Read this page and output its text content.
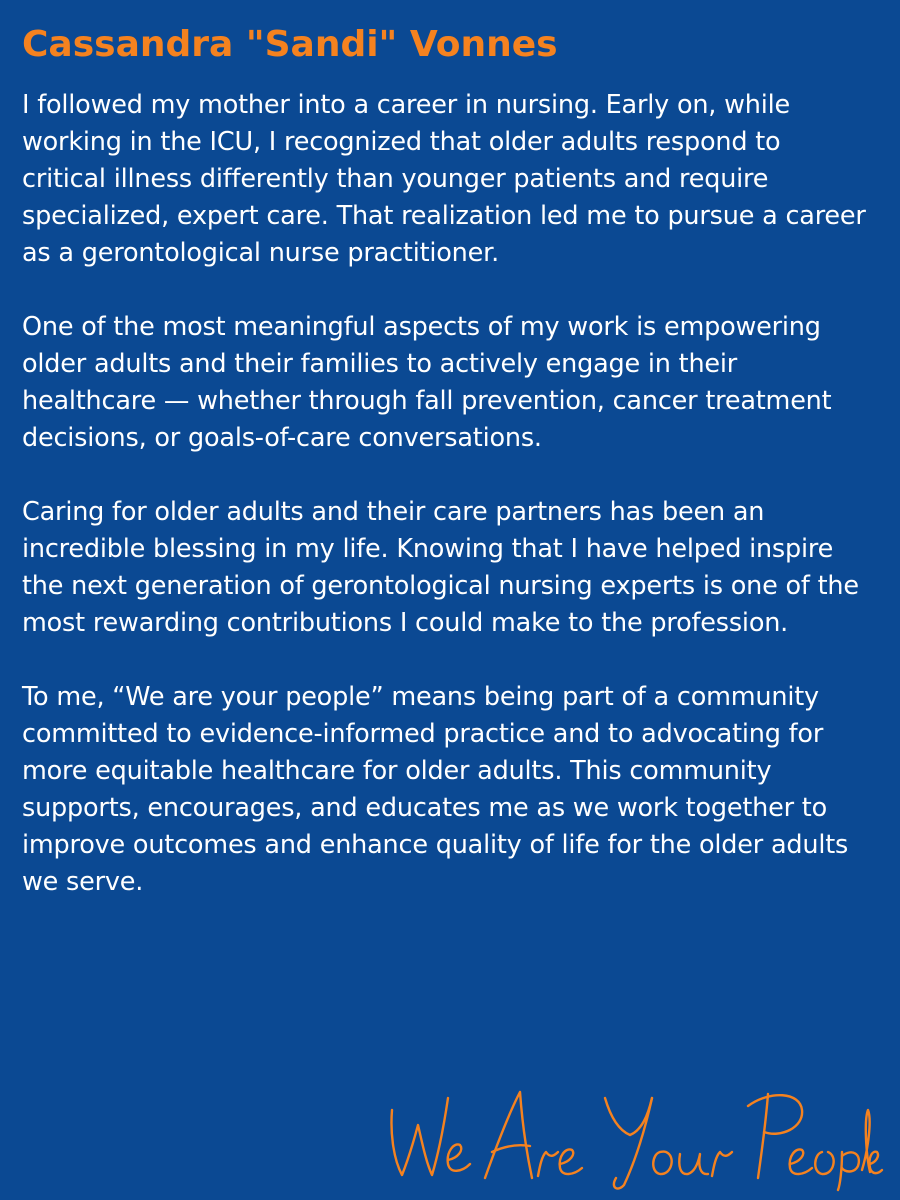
Cassandra "Sandi" Vonnes

I followed my mother into a career in nursing. Early on, while working in the ICU, I recognized that older adults respond to critical illness differently than younger patients and require specialized, expert care. That realization led me to pursue a career as a gerontological nurse practitioner.

One of the most meaningful aspects of my work is empowering older adults and their families to actively engage in their healthcare — whether through fall prevention, cancer treatment decisions, or goals-of-care conversations.

Caring for older adults and their care partners has been an incredible blessing in my life. Knowing that I have helped inspire the next generation of gerontological nursing experts is one of the most rewarding contributions I could make to the profession.

To me, “We are your people” means being part of a community committed to evidence-informed practice and to advocating for more equitable healthcare for older adults. This community supports, encourages, and educates me as we work together to improve outcomes and enhance quality of life for the older adults we serve.
